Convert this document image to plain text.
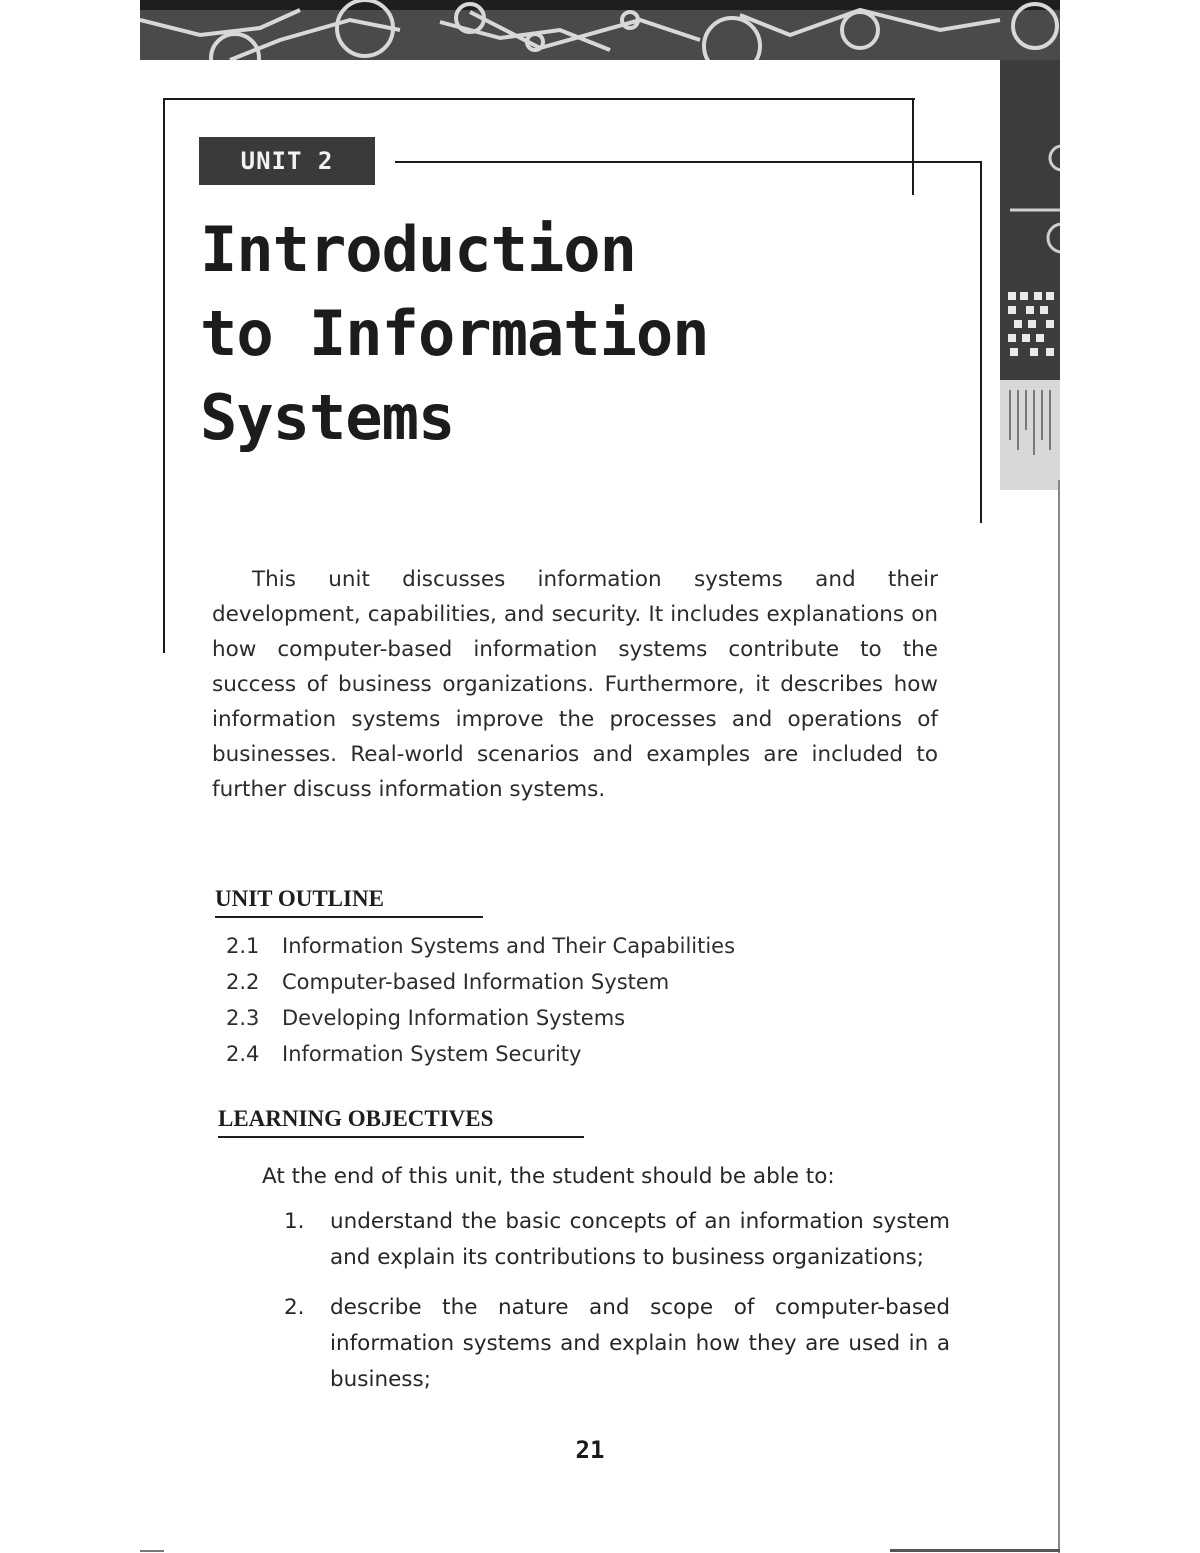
UNIT 2
Introduction
to Information
Systems

This unit discusses information systems and their development, capabilities, and security. It includes explanations on how computer-based information systems contribute to the success of business organizations. Furthermore, it describes how information systems improve the processes and operations of businesses. Real-world scenarios and examples are included to further discuss information systems.

UNIT OUTLINE
2.1	Information Systems and Their Capabilities
2.2	Computer-based Information System
2.3	Developing Information Systems
2.4	Information System Security
LEARNING OBJECTIVES

At the end of this unit, the student should be able to:

1.	understand the basic concepts of an information system and explain its contributions to business organizations;
2.	describe the nature and scope of computer-based information systems and explain how they are used in a business;
21
